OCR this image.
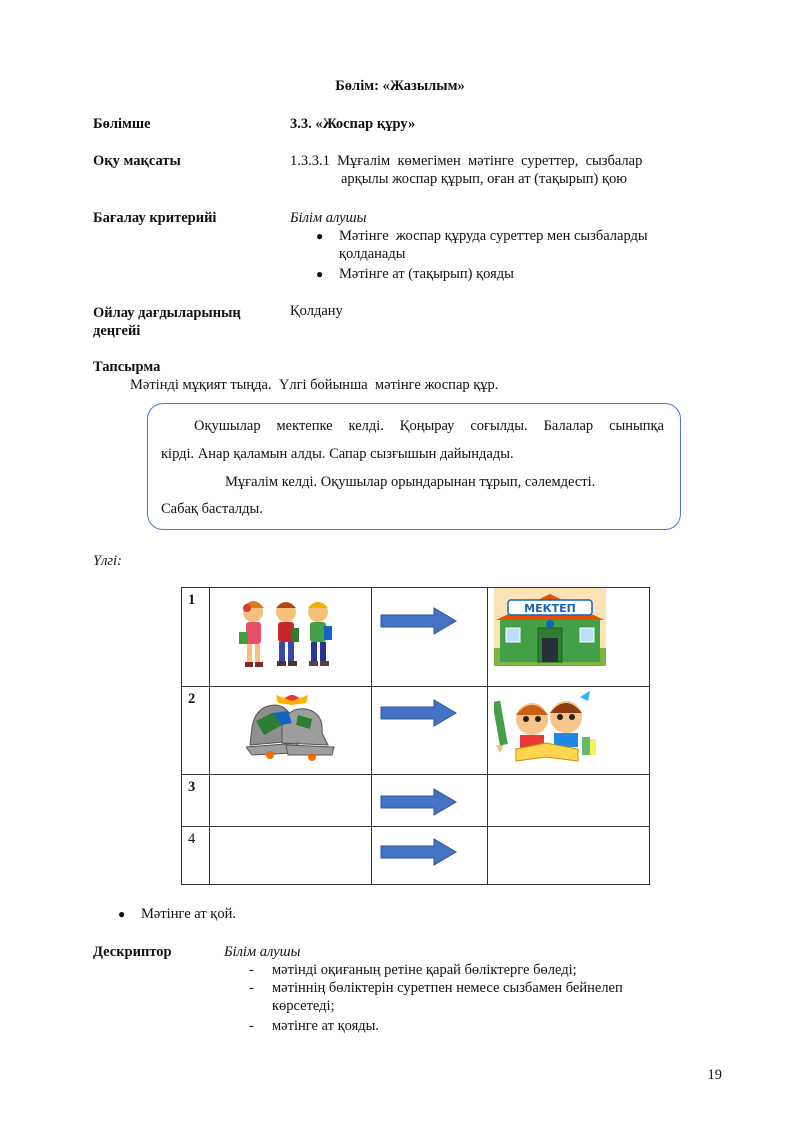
Бөлім: «Жазылым»
Бөлімше	3.3. «Жоспар құру»
Оқу мақсаты	1.3.3.1  Мұғалім  көмегімен  мәтінге  суреттер,  сызбалар
арқылы жоспар құрып, оған ат (тақырып) қою
Бағалау критерийі	Білім алушы
●	Мәтінге  жоспар құруда суреттер мен сызбаларды
қолданады
●	Мәтінге ат (тақырып) қояды
Ойлау дағдыларының
деңгейі
Қолдану
Тапсырма
Мәтінді мұқият тыңда.  Үлгі бойынша  мәтінге жоспар құр.
Оқушылар мектепке келді. Қоңырау соғылды. Балалар сыныпқа
кірді. Анар қаламын алды. Сапар сызғышын дайындады.
Мұғалім келді. Оқушылар орындарынан тұрып, сәлемдесті.
Сабақ басталды.
Үлгі:
1			МЕКТЕП

2

3

4

●	Мәтінге ат қой.
Дескриптор	Білім алушы
-	мәтінді оқиғаның ретіне қарай бөліктерге бөледі;
-	мәтіннің бөліктерін суретпен немесе сызбамен бейнелеп
көрсетеді;
-	мәтінге ат қояды.
19
